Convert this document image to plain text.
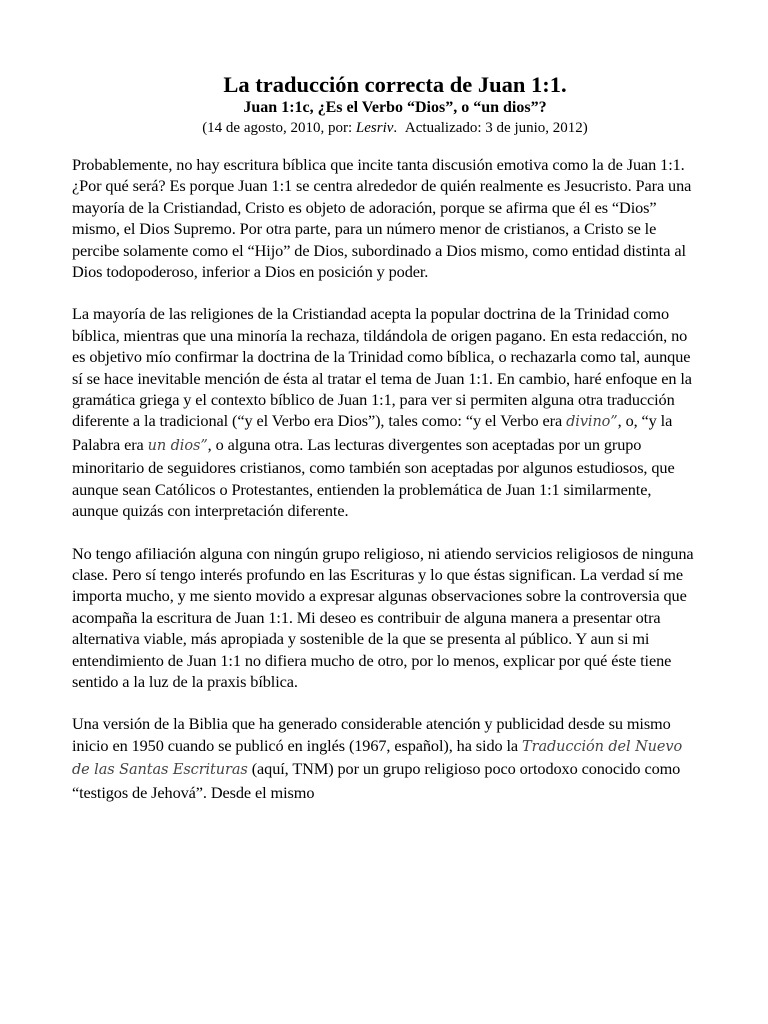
La traducción correcta de Juan 1:1.
Juan 1:1c, ¿Es el Verbo “Dios”, o “un dios”?
(14 de agosto, 2010, por: Lesriv. Actualizado: 3 de junio, 2012)

Probablemente, no hay escritura bíblica que incite tanta discusión emotiva como la de Juan 1:1. ¿Por qué será? Es porque Juan 1:1 se centra alrededor de quién realmente es Jesucristo. Para una mayoría de la Cristiandad, Cristo es objeto de adoración, porque se afirma que él es “Dios” mismo, el Dios Supremo. Por otra parte, para un número menor de cristianos, a Cristo se le percibe solamente como el “Hijo” de Dios, subordinado a Dios mismo, como entidad distinta al Dios todopoderoso, inferior a Dios en posición y poder.

La mayoría de las religiones de la Cristiandad acepta la popular doctrina de la Trinidad como bíblica, mientras que una minoría la rechaza, tildándola de origen pagano. En esta redacción, no es objetivo mío confirmar la doctrina de la Trinidad como bíblica, o rechazarla como tal, aunque sí se hace inevitable mención de ésta al tratar el tema de Juan 1:1. En cambio, haré enfoque en la gramática griega y el contexto bíblico de Juan 1:1, para ver si permiten alguna otra traducción diferente a la tradicional (“y el Verbo era Dios”), tales como: “y el Verbo era divino”, o, “y la Palabra era un dios”, o alguna otra. Las lecturas divergentes son aceptadas por un grupo minoritario de seguidores cristianos, como también son aceptadas por algunos estudiosos, que aunque sean Católicos o Protestantes, entienden la problemática de Juan 1:1 similarmente, aunque quizás con interpretación diferente.

No tengo afiliación alguna con ningún grupo religioso, ni atiendo servicios religiosos de ninguna clase. Pero sí tengo interés profundo en las Escrituras y lo que éstas significan. La verdad sí me importa mucho, y me siento movido a expresar algunas observaciones sobre la controversia que acompaña la escritura de Juan 1:1. Mi deseo es contribuir de alguna manera a presentar otra alternativa viable, más apropiada y sostenible de la que se presenta al público. Y aun si mi entendimiento de Juan 1:1 no difiera mucho de otro, por lo menos, explicar por qué éste tiene sentido a la luz de la praxis bíblica.

Una versión de la Biblia que ha generado considerable atención y publicidad desde su mismo inicio en 1950 cuando se publicó en inglés (1967, español), ha sido la Traducción del Nuevo de las Santas Escrituras (aquí, TNM) por un grupo religioso poco ortodoxo conocido como “testigos de Jehová”. Desde el mismo
